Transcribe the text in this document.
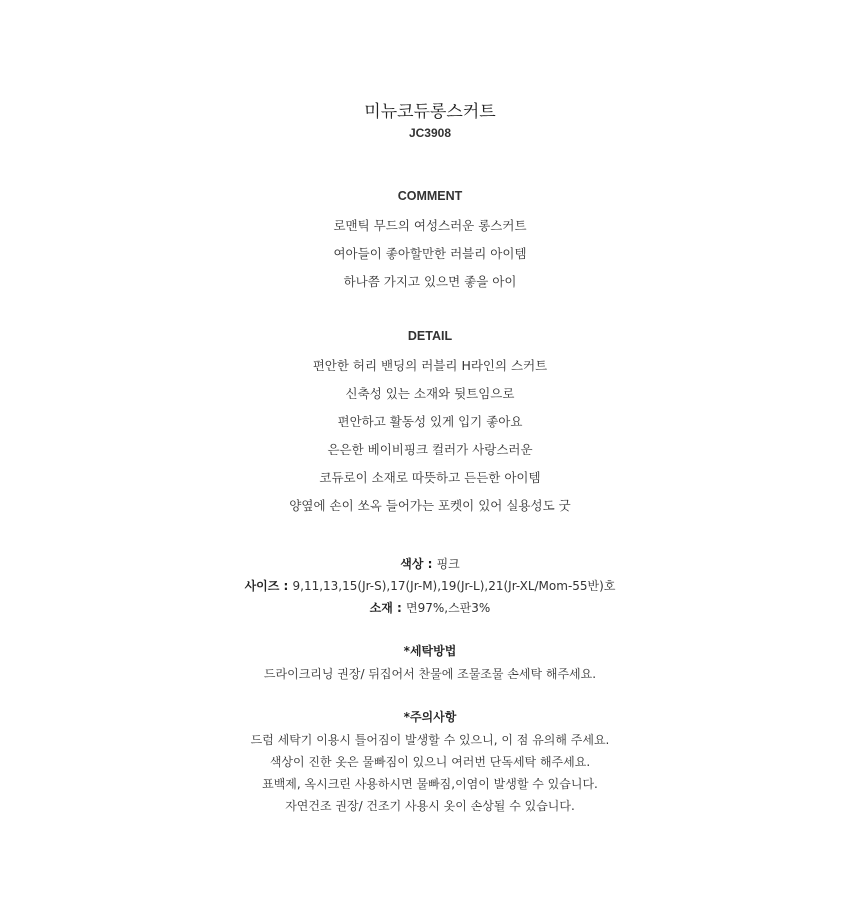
미뉴코듀롱스커트
JC3908
COMMENT
로맨틱 무드의 여성스러운 롱스커트
여아들이 좋아할만한 러블리 아이템
하나쯤 가지고 있으면 좋을 아이
DETAIL
편안한 허리 밴딩의 러블리 H라인의 스커트
신축성 있는 소재와 뒷트임으로
편안하고 활동성 있게 입기 좋아요
은은한 베이비핑크 컬러가 사랑스러운
코듀로이 소재로 따뜻하고 든든한 아이템
양옆에 손이 쏘옥 들어가는 포켓이 있어 실용성도 굿
색상 : 핑크
사이즈 : 9,11,13,15(Jr-S),17(Jr-M),19(Jr-L),21(Jr-XL/Mom-55반)호
소재 : 면97%,스판3%
*세탁방법
드라이크리닝 권장/ 뒤집어서 찬물에 조물조물 손세탁 해주세요.
*주의사항
드럼 세탁기 이용시 틀어짐이 발생할 수 있으니, 이 점 유의해 주세요.
색상이 진한 옷은 물빠짐이 있으니 여러번 단독세탁 해주세요.
표백제, 옥시크린 사용하시면 물빠짐,이염이 발생할 수 있습니다.
자연건조 권장/ 건조기 사용시 옷이 손상될 수 있습니다.
